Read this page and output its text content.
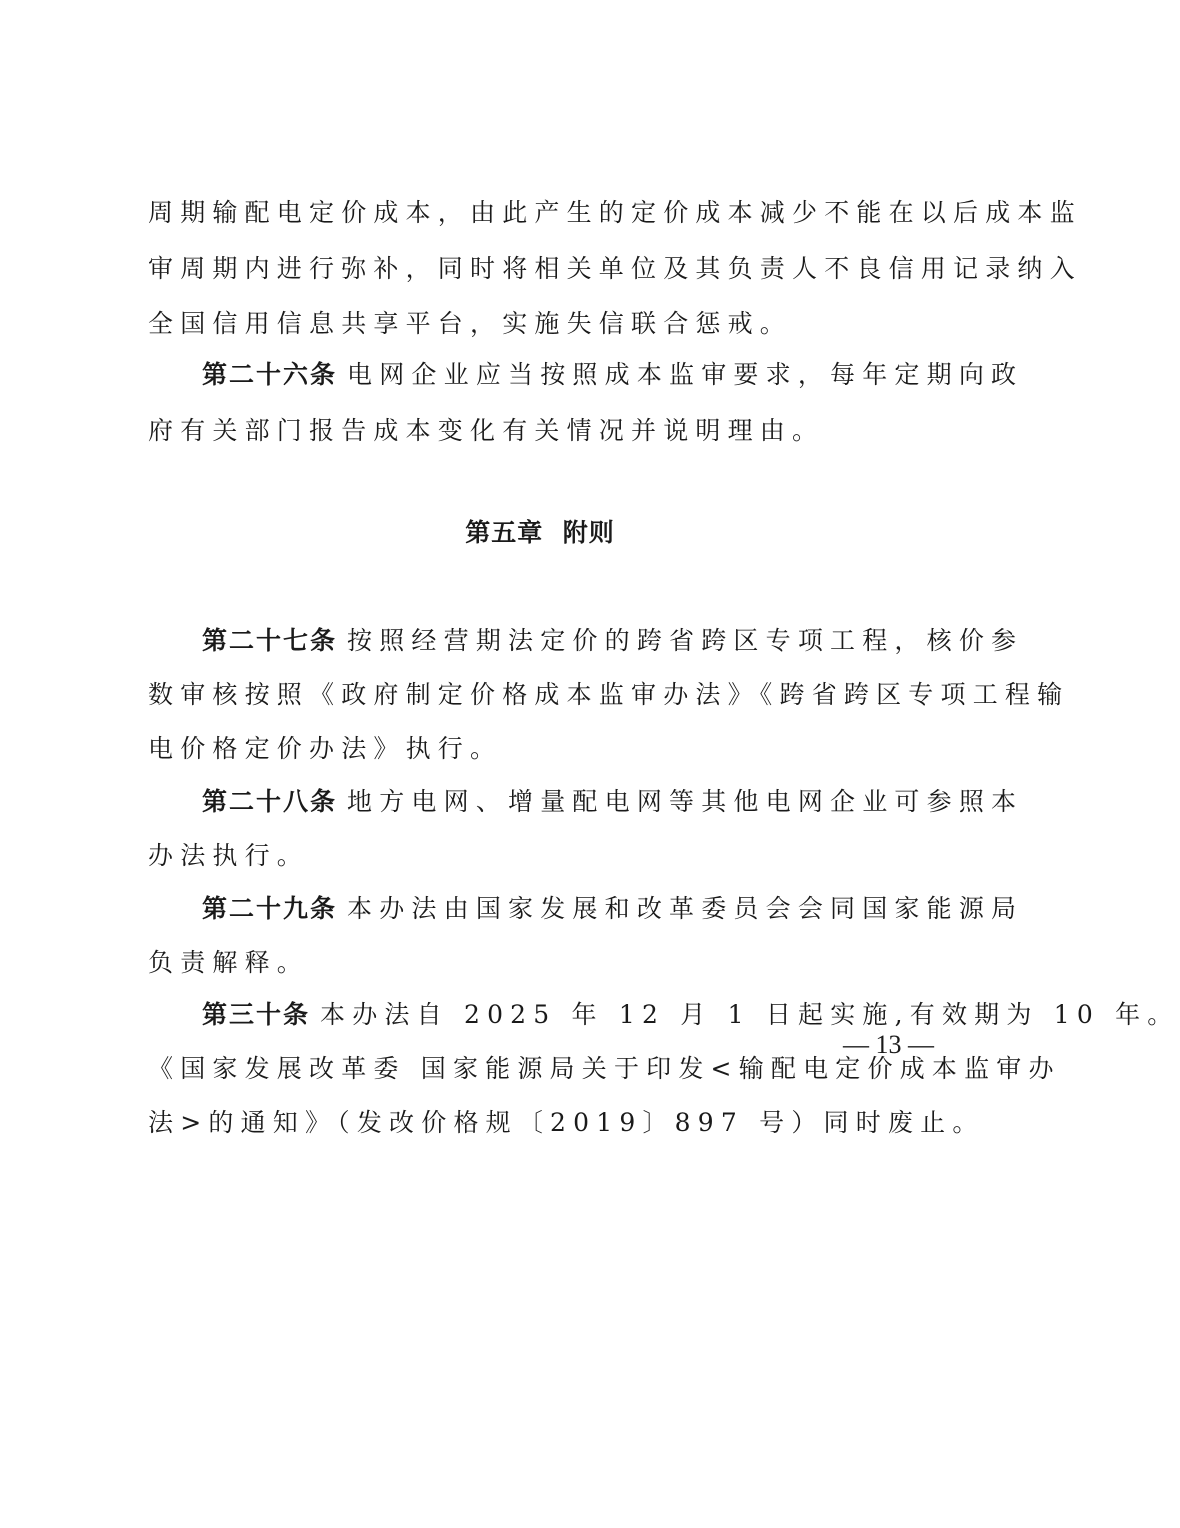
周期输配电定价成本，由此产生的定价成本减少不能在以后成本监
审周期内进行弥补，同时将相关单位及其负责人不良信用记录纳入
全国信用信息共享平台，实施失信联合惩戒。
第二十六条 电网企业应当按照成本监审要求，每年定期向政
府有关部门报告成本变化有关情况并说明理由。
第五章  附则
第二十七条 按照经营期法定价的跨省跨区专项工程，核价参
数审核按照《政府制定价格成本监审办法》《跨省跨区专项工程输
电价格定价办法》执行。
第二十八条 地方电网、增量配电网等其他电网企业可参照本
办法执行。
第二十九条 本办法由国家发展和改革委员会会同国家能源局
负责解释。
第三十条 本办法自 2025 年 12 月 1 日起实施,有效期为 10 年。
《国家发展改革委 国家能源局关于印发<输配电定价成本监审办
法>的通知》（发改价格规〔2019〕897 号）同时废止。
— 13 —
